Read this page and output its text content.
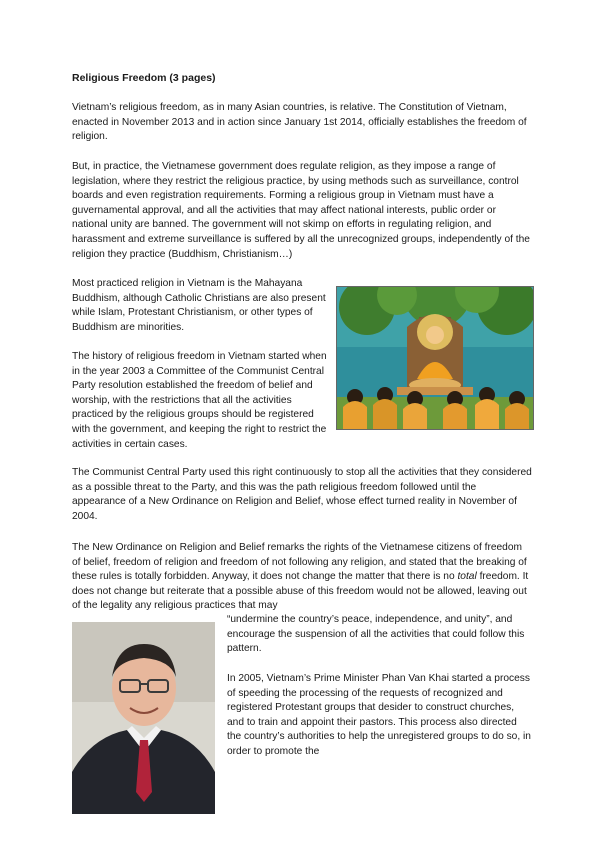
Religious Freedom (3 pages)

Vietnam’s religious freedom, as in many Asian countries, is relative. The Constitution of Vietnam, enacted in November 2013 and in action since January 1st 2014, officially establishes the freedom of religion.

But, in practice, the Vietnamese government does regulate religion, as they impose a range of legislation, where they restrict the religious practice, by using methods such as surveillance, control boards and even registration requirements. Forming a religious group in Vietnam must have a guvernamental approval, and all the activities that may affect national interests, public order or national unity are banned. The government will not skimp on efforts in regulating religion, and harassment and extreme surveillance is suffered by all the unrecognized groups, independently of the religion they practice (Buddhism, Christianism…)

Most practiced religion in Vietnam is the Mahayana Buddhism, although Catholic Christians are also present while Islam, Protestant Christianism, or other types of Buddhism are minorities.

The history of religious freedom in Vietnam started when in the year 2003 a Committee of the Communist Central Party resolution established the freedom of belief and worship, with the restrictions that all the activities practiced by the religious groups should be registered with the government, and keeping the right to restrict the activities in certain cases.

The Communist Central Party used this right continuously to stop all the activities that they considered as a possible threat to the Party, and this was the path religious freedom followed until the appearance of a New Ordinance on Religion and Belief, whose effect turned reality in November of 2004.

The New Ordinance on Religion and Belief remarks the rights of the Vietnamese citizens of freedom of belief, freedom of religion and freedom of not following any religion, and stated that the breaking of these rules is totally forbidden. Anyway, it does not change the matter that there is no total freedom. It does not change but reiterate that a possible abuse of this freedom would not be allowed, leaving out of the legality any religious practices that may

“undermine the country’s peace, independence, and unity”, and encourage the suspension of all the activities that could follow this pattern.

In 2005, Vietnam’s Prime Minister Phan Van Khai started a process of speeding the processing of the requests of recognized and registered Protestant groups that desider to construct churches, and to train and appoint their pastors. This process also directed the country’s authorities to help the unregistered groups to do so, in order to promote the
